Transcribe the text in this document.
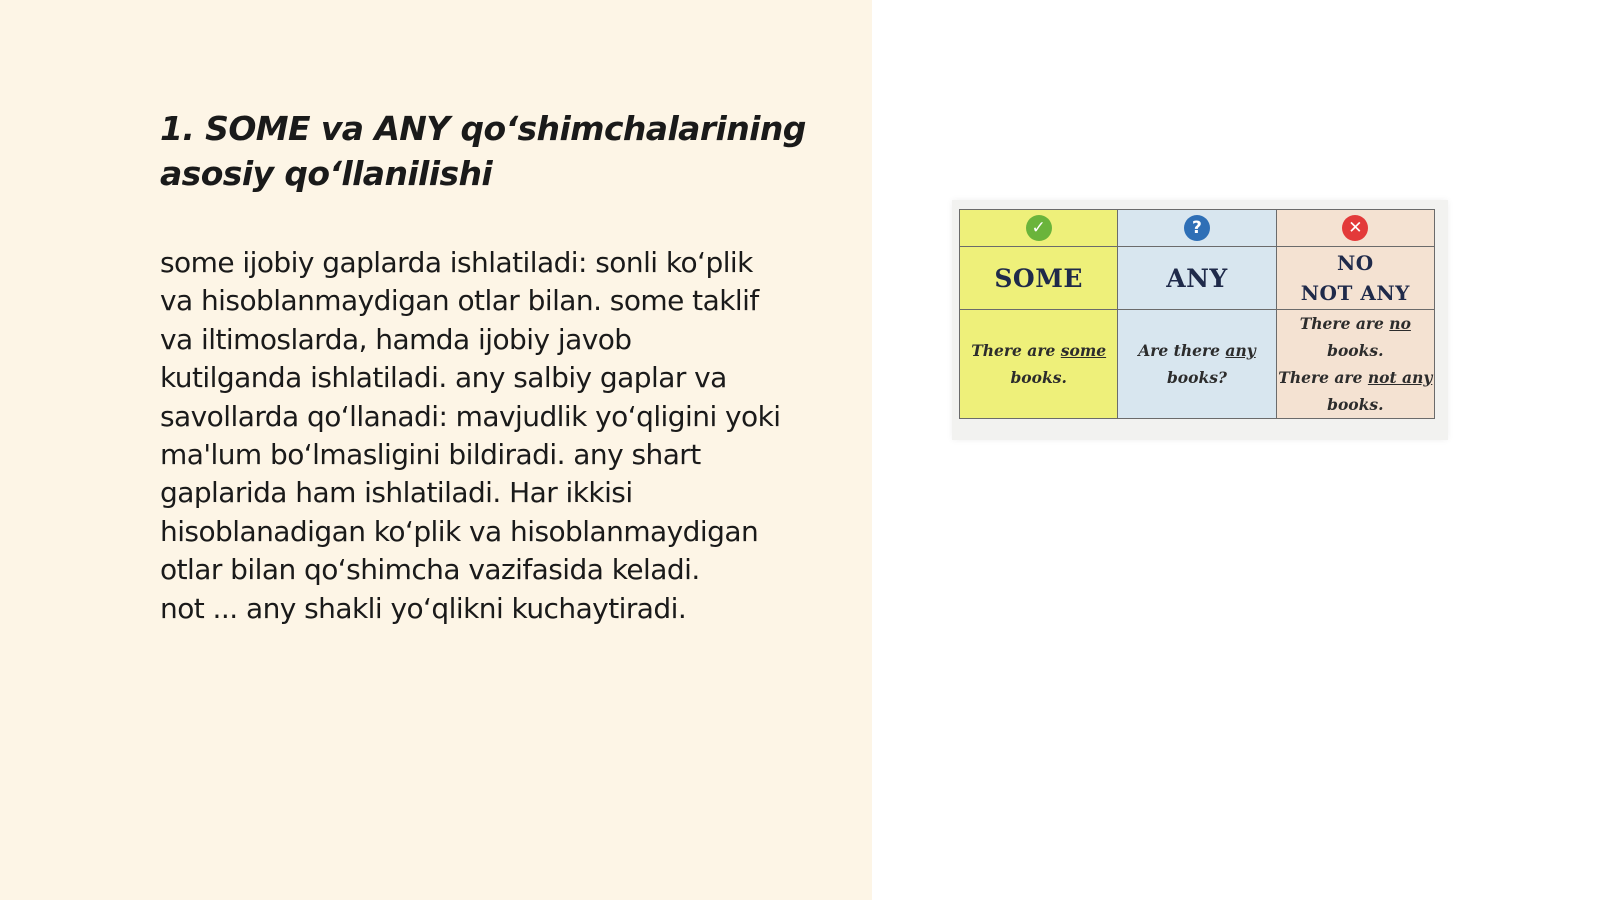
1. SOME va ANY qo‘shimchalarining asosiy qo‘llanilishi

some ijobiy gaplarda ishlatiladi: sonli ko‘plik
va hisoblanmaydigan otlar bilan. some taklif
va iltimoslarda, hamda ijobiy javob
kutilganda ishlatiladi. any salbiy gaplar va
savollarda qo‘llanadi: mavjudlik yo‘qligini yoki
ma'lum bo‘lmasligini bildiradi. any shart
gaplarida ham ishlatiladi. Har ikkisi
hisoblanadigan ko‘plik va hisoblanmaydigan
otlar bilan qo‘shimcha vazifasida keladi.
not ... any shakli yo‘qlikni kuchaytiradi.

✓	?	✕
SOME	ANY	NO
NOT ANY

There are some
books.	Are there any
books?	There are no
books.
There are not any
books.
